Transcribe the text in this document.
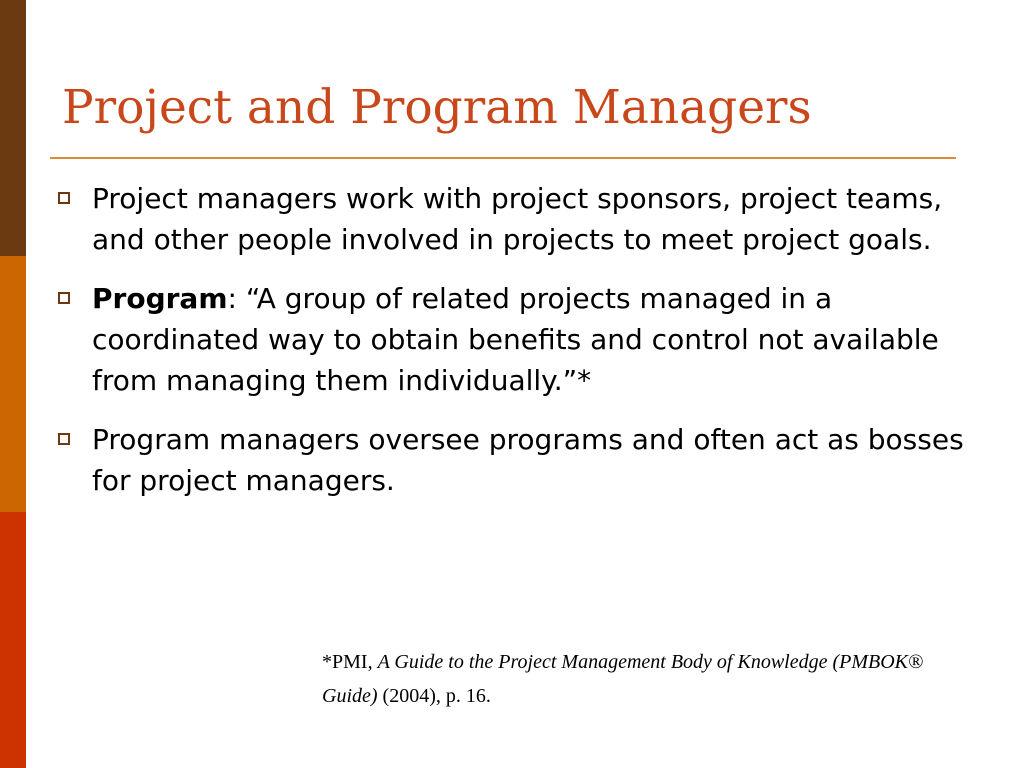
Project and Program Managers
Project managers work with project sponsors, project teams, and other people involved in projects to meet project goals.
Program: “A group of related projects managed in a coordinated way to obtain benefits and control not available from managing them individually.”*
Program managers oversee programs and often act as bosses for project managers.
*PMI, A Guide to the Project Management Body of Knowledge (PMBOK® Guide) (2004), p. 16.
